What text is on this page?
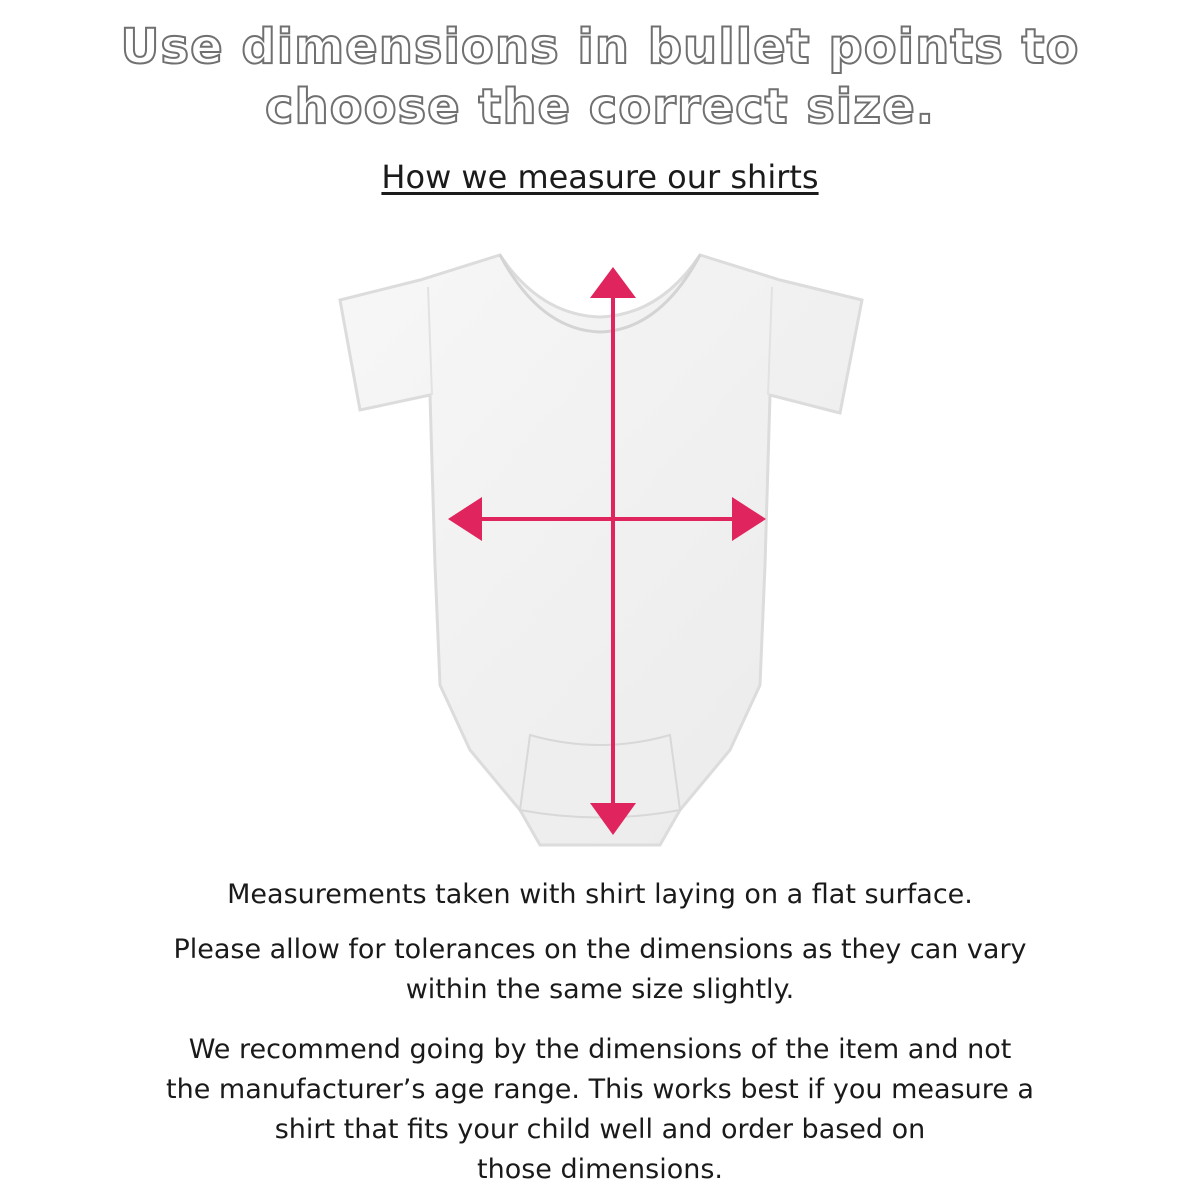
Use dimensions in bullet points to
choose the correct size.
How we measure our shirts
Measurements taken with shirt laying on a flat surface.
Please allow for tolerances on the dimensions as they can vary
within the same size slightly.
We recommend going by the dimensions of the item and not
the manufacturer’s age range. This works best if you measure a
shirt that fits your child well and order based on
those dimensions.
